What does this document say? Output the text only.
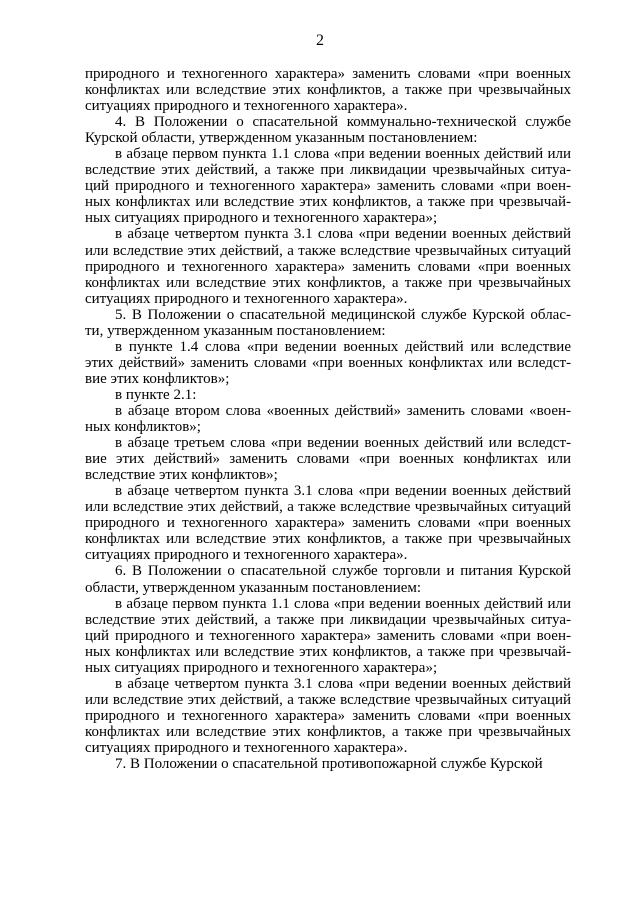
2

природного и техногенного характера» заменить словами «при военных конфликтах или вследствие этих конфликтов, а также при чрезвычайных ситуациях природного и техногенного характера».

4. В Положении о спасательной коммунально-технической службе Курской области, утвержденном указанным постановлением:

в абзаце первом пункта 1.1 слова «при ведении военных действий или вследствие этих действий, а также при ликвидации чрезвычайных ситуа-ций природного и техногенного характера» заменить словами «при воен-ных конфликтах или вследствие этих конфликтов, а также при чрезвычай-ных ситуациях природного и техногенного характера»;

в абзаце четвертом пункта 3.1 слова «при ведении военных действий или вследствие этих действий, а также вследствие чрезвычайных ситуаций природного и техногенного характера» заменить словами «при военных конфликтах или вследствие этих конфликтов, а также при чрезвычайных ситуациях природного и техногенного характера».

5. В Положении о спасательной медицинской службе Курской облас-ти, утвержденном указанным постановлением:

в пункте 1.4 слова «при ведении военных действий или вследствие этих действий» заменить словами «при военных конфликтах или вследст-вие этих конфликтов»;

в пункте 2.1:

в абзаце втором слова «военных действий» заменить словами «воен-ных конфликтов»;

в абзаце третьем слова «при ведении военных действий или вследст-вие этих действий» заменить словами «при военных конфликтах или вследствие этих конфликтов»;

в абзаце четвертом пункта 3.1 слова «при ведении военных действий или вследствие этих действий, а также вследствие чрезвычайных ситуаций природного и техногенного характера» заменить словами «при военных конфликтах или вследствие этих конфликтов, а также при чрезвычайных ситуациях природного и техногенного характера».

6. В Положении о спасательной службе торговли и питания Курской области, утвержденном указанным постановлением:

в абзаце первом пункта 1.1 слова «при ведении военных действий или вследствие этих действий, а также при ликвидации чрезвычайных ситуа-ций природного и техногенного характера» заменить словами «при воен-ных конфликтах или вследствие этих конфликтов, а также при чрезвычай-ных ситуациях природного и техногенного характера»;

в абзаце четвертом пункта 3.1 слова «при ведении военных действий или вследствие этих действий, а также вследствие чрезвычайных ситуаций природного и техногенного характера» заменить словами «при военных конфликтах или вследствие этих конфликтов, а также при чрезвычайных ситуациях природного и техногенного характера».

7. В Положении о спасательной противопожарной службе Курской
